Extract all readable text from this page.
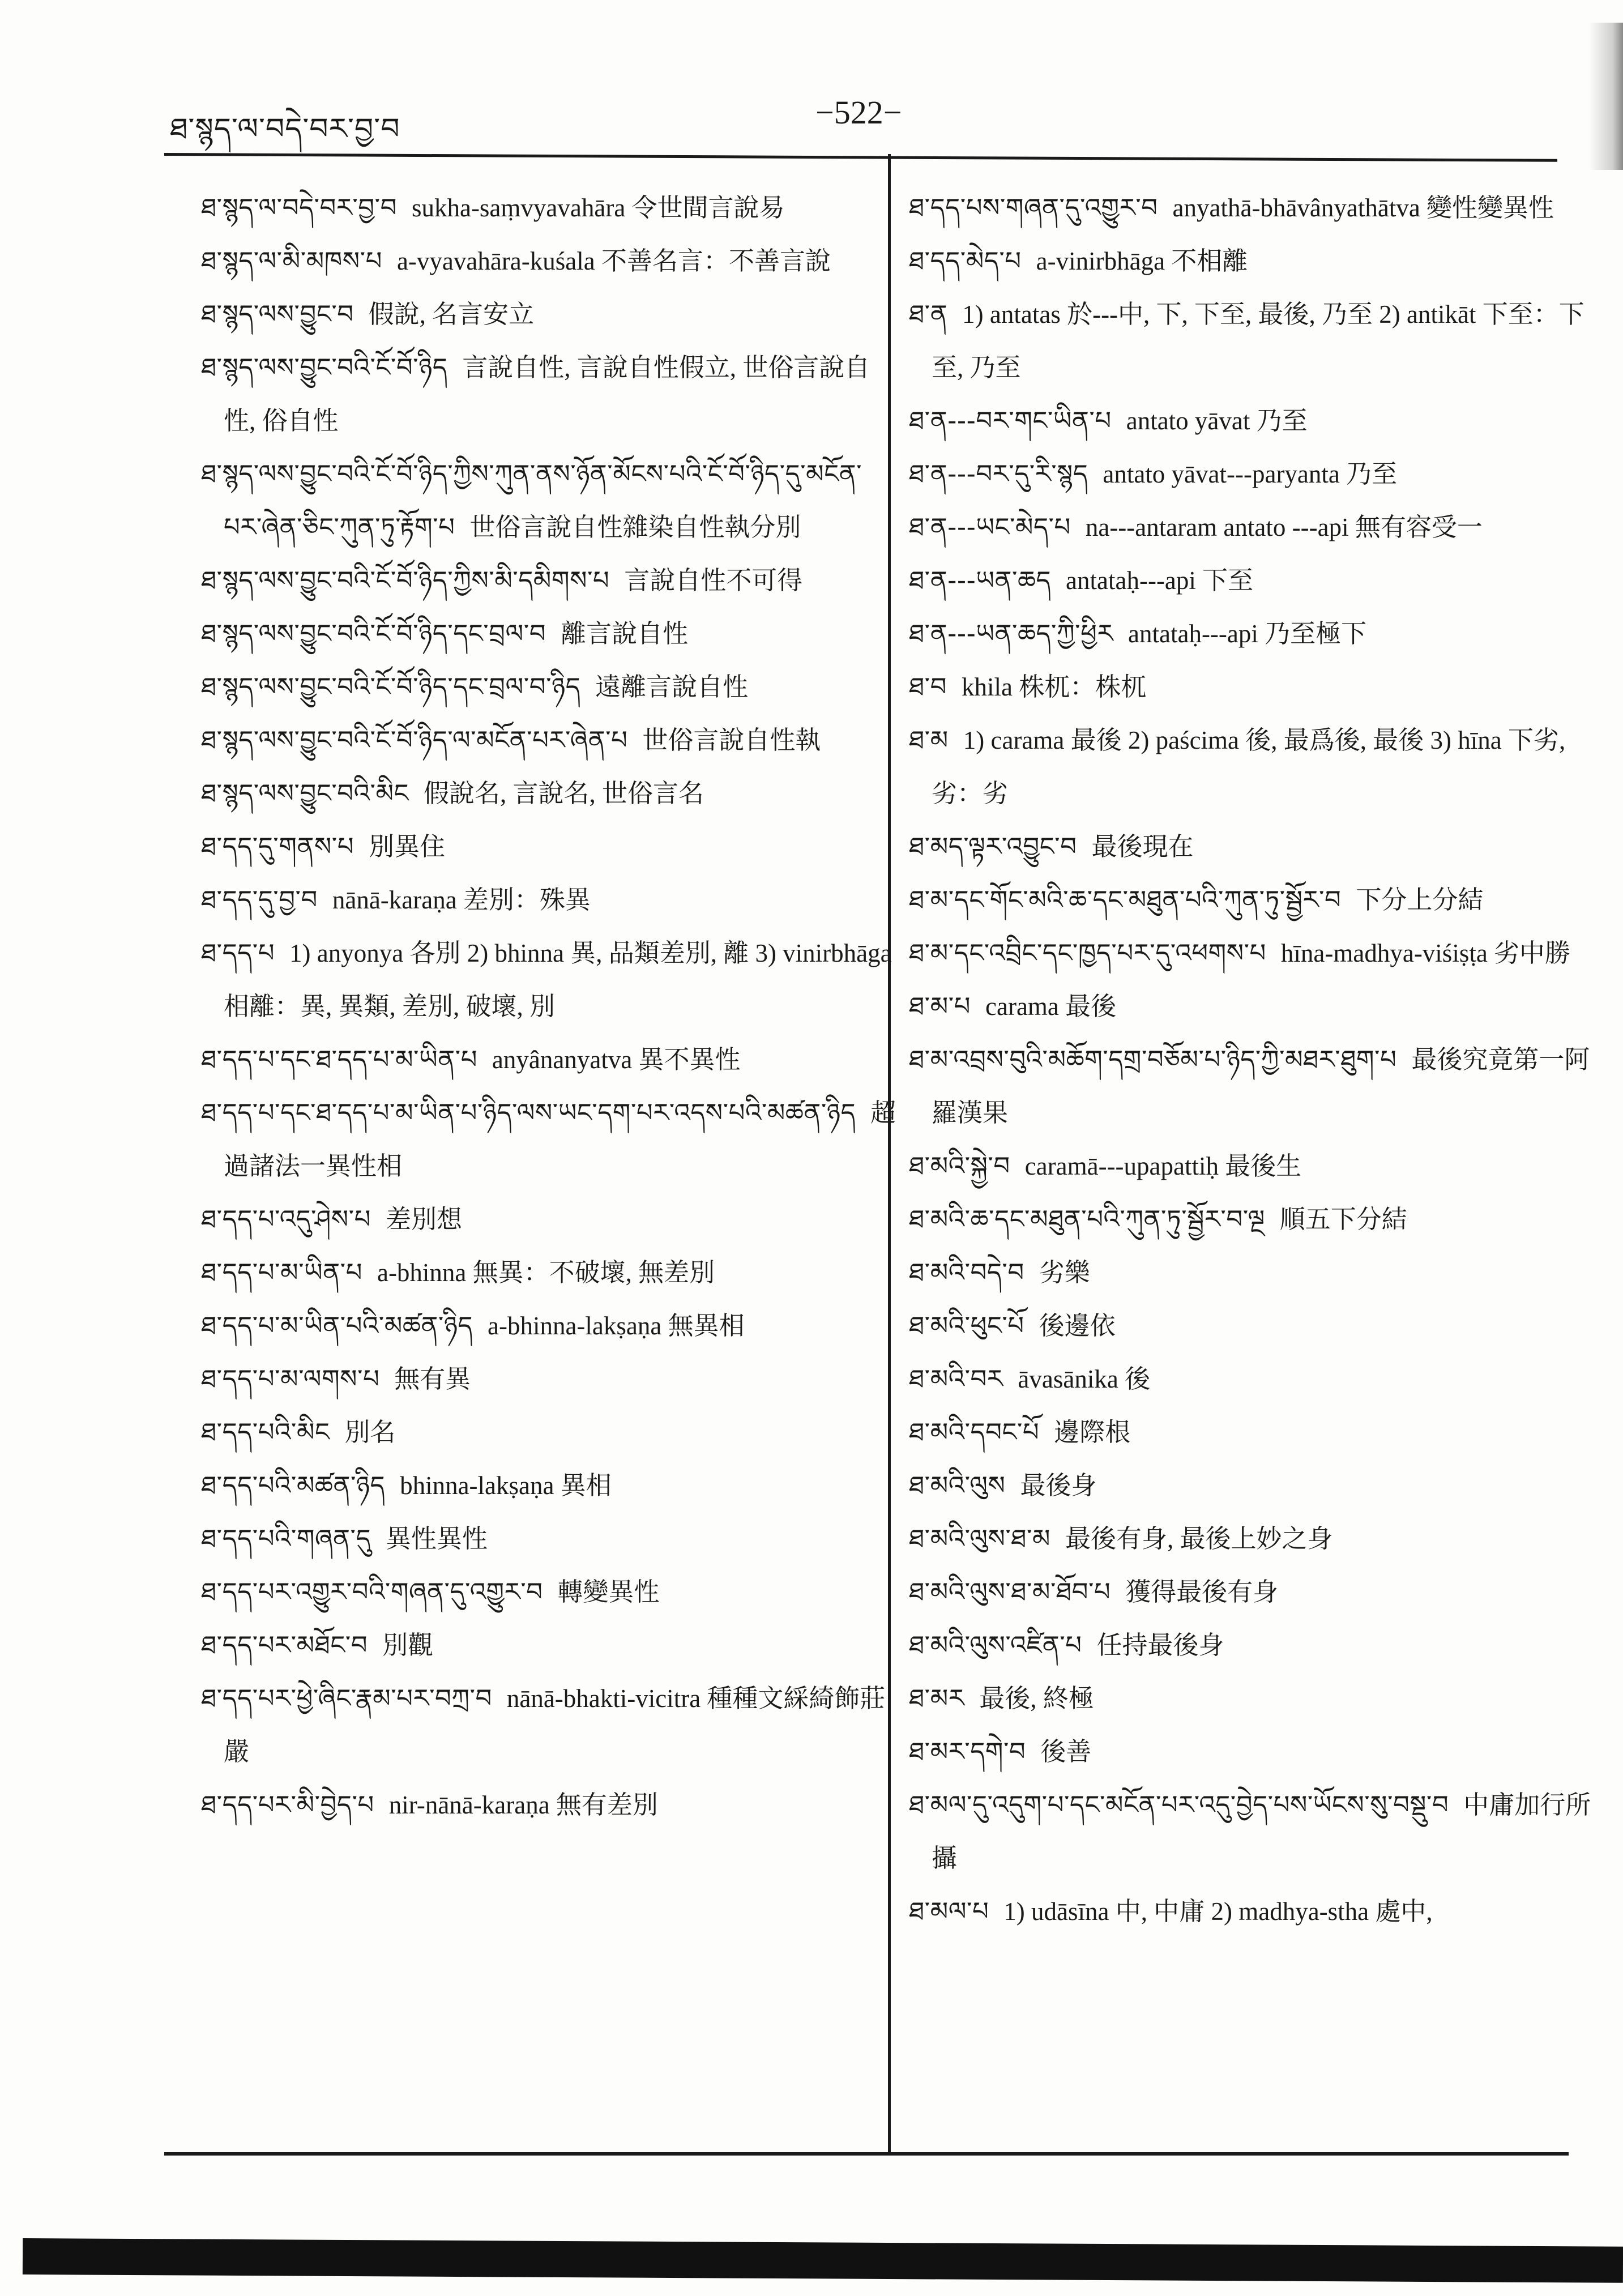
ཐ་སྙད་ལ་བདེ་བར་བྱ་བ	−522−

ཐ་སྙད་ལ་བདེ་བར་བྱ་བ sukha-saṃvyavahāra 令世間言說易

ཐ་སྙད་ལ་མི་མཁས་པ a-vyavahāra-kuśala 不善名言：不善言說

ཐ་སྙད་ལས་བྱུང་བ 假說, 名言安立

ཐ་སྙད་ལས་བྱུང་བའི་ངོ་བོ་ཉིད 言說自性, 言說自性假立, 世俗言說自性, 俗自性

ཐ་སྙད་ལས་བྱུང་བའི་ངོ་བོ་ཉིད་ཀྱིས་ཀུན་ནས་ཉོན་མོངས་པའི་ངོ་བོ་ཉིད་དུ་མངོན་པར་ཞེན་ཅིང་ཀུན་ཏུ་རྟོག་པ 世俗言說自性雜染自性執分別

ཐ་སྙད་ལས་བྱུང་བའི་ངོ་བོ་ཉིད་ཀྱིས་མི་དམིགས་པ 言說自性不可得

ཐ་སྙད་ལས་བྱུང་བའི་ངོ་བོ་ཉིད་དང་བྲལ་བ 離言說自性

ཐ་སྙད་ལས་བྱུང་བའི་ངོ་བོ་ཉིད་དང་བྲལ་བ་ཉིད 遠離言說自性

ཐ་སྙད་ལས་བྱུང་བའི་ངོ་བོ་ཉིད་ལ་མངོན་པར་ཞེན་པ 世俗言說自性執

ཐ་སྙད་ལས་བྱུང་བའི་མིང 假說名, 言說名, 世俗言名

ཐ་དད་དུ་གནས་པ 別異住

ཐ་དད་དུ་བྱ་བ nānā-karaṇa 差別：殊異

ཐ་དད་པ 1) anyonya 各別 2) bhinna 異, 品類差別, 離 3) vinirbhāga 相離：異, 異類, 差別, 破壞, 別

ཐ་དད་པ་དང་ཐ་དད་པ་མ་ཡིན་པ anyânanyatva 異不異性

ཐ་དད་པ་དང་ཐ་དད་པ་མ་ཡིན་པ་ཉིད་ལས་ཡང་དག་པར་འདས་པའི་མཚན་ཉིད 超過諸法一異性相

ཐ་དད་པ་འདུ་ཤེས་པ 差別想

ཐ་དད་པ་མ་ཡིན་པ a-bhinna 無異：不破壞, 無差別

ཐ་དད་པ་མ་ཡིན་པའི་མཚན་ཉིད a-bhinna-lakṣaṇa 無異相

ཐ་དད་པ་མ་ལགས་པ 無有異

ཐ་དད་པའི་མིང 別名

ཐ་དད་པའི་མཚན་ཉིད bhinna-lakṣaṇa 異相

ཐ་དད་པའི་གཞན་དུ 異性異性

ཐ་དད་པར་འགྱུར་བའི་གཞན་དུ་འགྱུར་བ 轉變異性

ཐ་དད་པར་མཐོང་བ 別觀

ཐ་དད་པར་ཕྱེ་ཞིང་རྣམ་པར་བཀྲ་བ nānā-bhakti-vicitra 種種文綵綺飾莊嚴

ཐ་དད་པར་མི་བྱེད་པ nir-nānā-karaṇa 無有差別

ཐ་དད་པས་གཞན་དུ་འགྱུར་བ anyathā-bhāvânyathātva 變性變異性

ཐ་དད་མེད་པ a-vinirbhāga 不相離

ཐ་ན 1) antatas 於---中, 下, 下至, 最後, 乃至 2) antikāt 下至：下至, 乃至

ཐ་ན---བར་གང་ཡིན་པ antato yāvat 乃至

ཐ་ན---བར་དུ་རི་སྙད antato yāvat---paryanta 乃至

ཐ་ན---ཡང་མེད་པ na---antaram antato ---api 無有容受一

ཐ་ན---ཡན་ཆད antataḥ---api 下至

ཐ་ན---ཡན་ཆད་ཀྱི་ཕྱིར antataḥ---api 乃至極下

ཐ་བ khila 株杌：株杌

ཐ་མ 1) carama 最後 2) paścima 後, 最爲後, 最後 3) hīna 下劣, 劣：劣

ཐ་མད་ལྟར་འབྱུང་བ 最後現在

ཐ་མ་དང་གོང་མའི་ཆ་དང་མཐུན་པའི་ཀུན་ཏུ་སྦྱོར་བ 下分上分結

ཐ་མ་དང་འབྲིང་དང་ཁྱད་པར་དུ་འཕགས་པ hīna-madhya-viśiṣṭa 劣中勝

ཐ་མ་པ carama 最後

ཐ་མ་འབྲས་བུའི་མཆོག་དགྲ་བཅོམ་པ་ཉིད་ཀྱི་མཐར་ཐུག་པ 最後究竟第一阿羅漢果

ཐ་མའི་སྐྱེ་བ caramā---upapattiḥ 最後生

ཐ་མའི་ཆ་དང་མཐུན་པའི་ཀུན་ཏུ་སྦྱོར་བ་ལྔ 順五下分結

ཐ་མའི་བདེ་བ 劣樂

ཐ་མའི་ཕུང་པོ 後邊依

ཐ་མའི་བར āvasānika 後

ཐ་མའི་དབང་པོ 邊際根

ཐ་མའི་ལུས 最後身

ཐ་མའི་ལུས་ཐ་མ 最後有身, 最後上妙之身

ཐ་མའི་ལུས་ཐ་མ་ཐོབ་པ 獲得最後有身

ཐ་མའི་ལུས་འཛིན་པ 任持最後身

ཐ་མར 最後, 終極

ཐ་མར་དགེ་བ 後善

ཐ་མལ་དུ་འདུག་པ་དང་མངོན་པར་འདུ་བྱེད་པས་ཡོངས་སུ་བསྡུ་བ 中庸加行所攝

ཐ་མལ་པ 1) udāsīna 中, 中庸 2) madhya-stha 處中,
